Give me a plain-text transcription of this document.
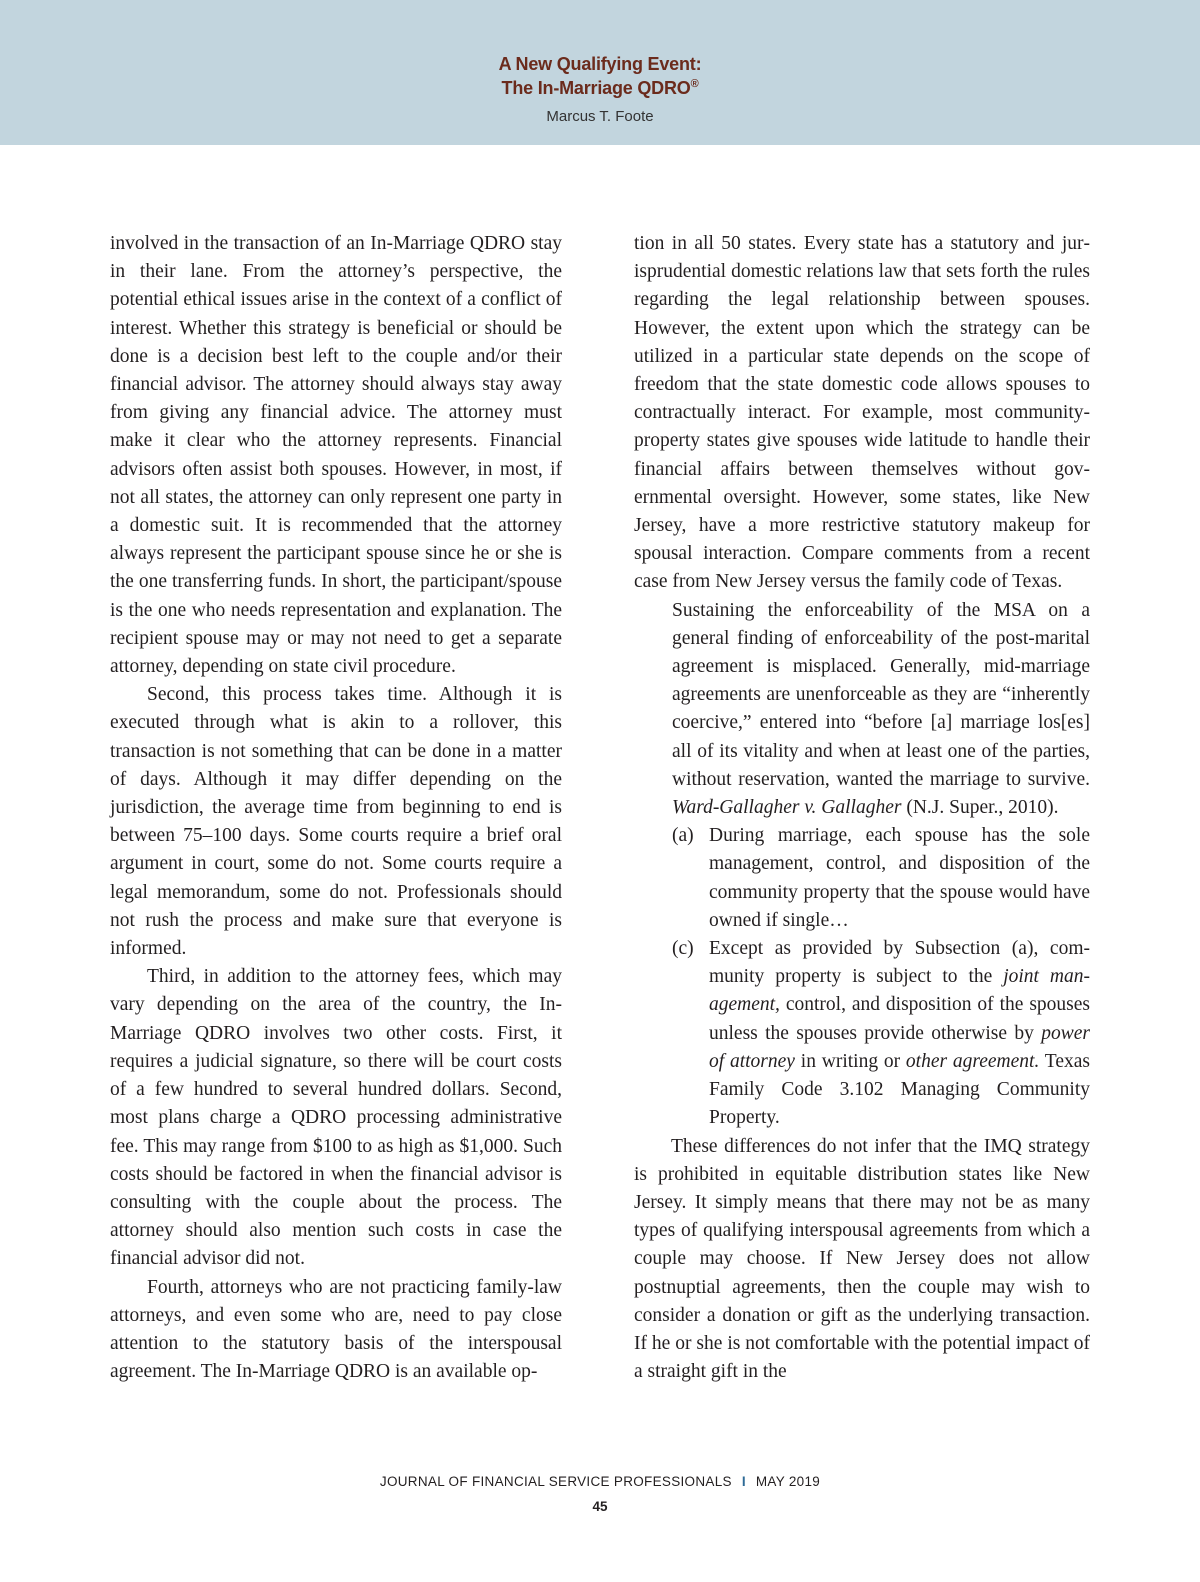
A New Qualifying Event:
The In-Marriage QDRO®
Marcus T. Foote

involved in the transaction of an In-Marriage QDRO stay in their lane. From the attorney’s perspective, the potential ethical issues arise in the context of a conflict of interest. Whether this strategy is beneficial or should be done is a decision best left to the couple and/or their financial advisor. The attorney should always stay away from giving any financial advice. The attorney must make it clear who the attorney represents. Financial advisors often assist both spouses. However, in most, if not all states, the attorney can only represent one party in a domestic suit. It is recommended that the attorney always represent the participant spouse since he or she is the one transferring funds. In short, the participant/spouse is the one who needs representation and explanation. The recipient spouse may or may not need to get a separate attorney, depending on state civil procedure.

Second, this process takes time. Although it is executed through what is akin to a rollover, this transaction is not something that can be done in a matter of days. Although it may differ depending on the jurisdiction, the average time from beginning to end is between 75–100 days. Some courts require a brief oral argument in court, some do not. Some courts require a legal memorandum, some do not. Professionals should not rush the process and make sure that everyone is informed.

Third, in addition to the attorney fees, which may vary depending on the area of the country, the In-Marriage QDRO involves two other costs. First, it requires a judicial signature, so there will be court costs of a few hundred to several hundred dollars. Second, most plans charge a QDRO processing administrative fee. This may range from $100 to as high as $1,000. Such costs should be factored in when the financial advisor is consulting with the couple about the process. The attorney should also mention such costs in case the financial advisor did not.

Fourth, attorneys who are not practicing family-law attorneys, and even some who are, need to pay close attention to the statutory basis of the interspousal agreement. The In-Marriage QDRO is an available op-

tion in all 50 states. Every state has a statutory and jurisprudential domestic relations law that sets forth the rules regarding the legal relationship between spouses. However, the extent upon which the strategy can be utilized in a particular state depends on the scope of freedom that the state domestic code allows spouses to contractually interact. For example, most community-property states give spouses wide latitude to handle their financial affairs between themselves without governmental oversight. However, some states, like New Jersey, have a more restrictive statutory makeup for spousal interaction. Compare comments from a recent case from New Jersey versus the family code of Texas.

Sustaining the enforceability of the MSA on a general finding of enforceability of the post-marital agreement is misplaced. Generally, mid-marriage agreements are unenforceable as they are “inherently coercive,” entered into “before [a] marriage los[es] all of its vitality and when at least one of the parties, without reservation, wanted the marriage to survive. Ward-Gallagher v. Gallagher (N.J. Super., 2010).

(a) During marriage, each spouse has the sole management, control, and disposition of the community property that the spouse would have owned if single…
(c) Except as provided by Subsection (a), community property is subject to the joint management, control, and disposition of the spouses unless the spouses provide otherwise by power of attorney in writing or other agreement. Texas Family Code 3.102 Managing Community Property.

These differences do not infer that the IMQ strategy is prohibited in equitable distribution states like New Jersey. It simply means that there may not be as many types of qualifying interspousal agreements from which a couple may choose. If New Jersey does not allow postnuptial agreements, then the couple may wish to consider a donation or gift as the underlying transaction. If he or she is not comfortable with the potential impact of a straight gift in the

JOURNAL OF FINANCIAL SERVICE PROFESSIONALS I MAY 2019
45
